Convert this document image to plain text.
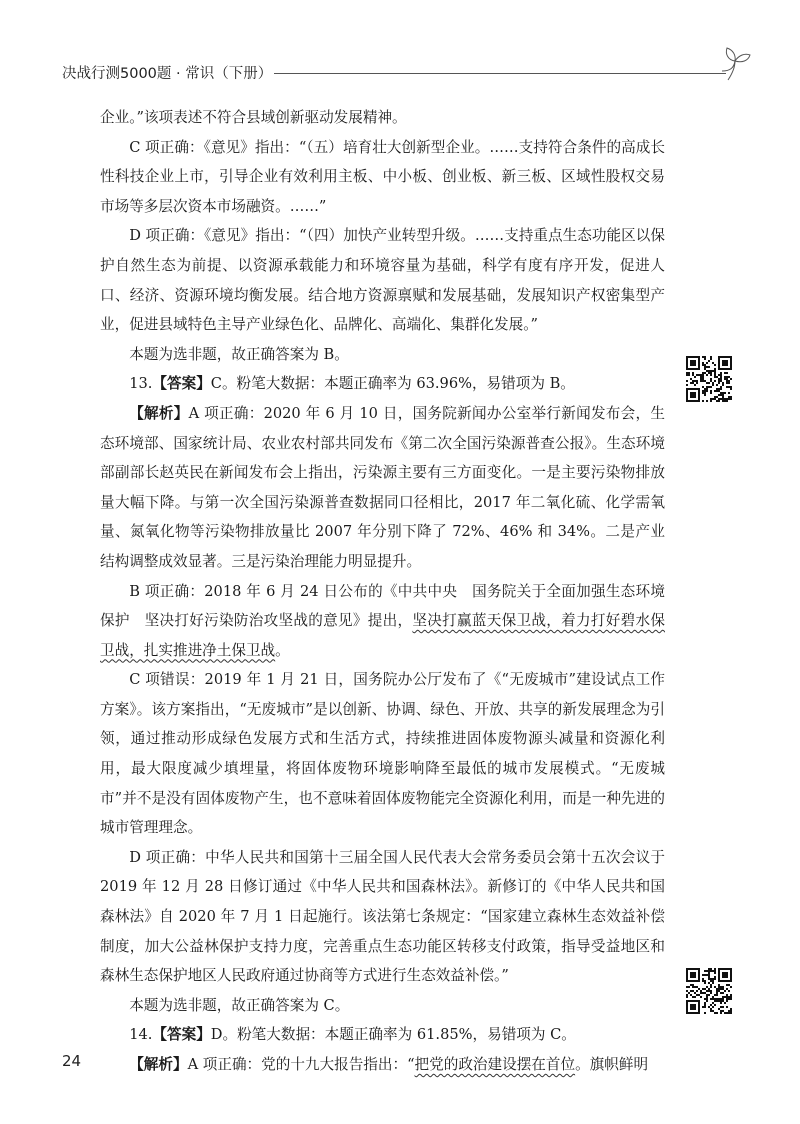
决战行测5000题 · 常识（下册）

企业。”该项表述不符合县域创新驱动发展精神。

C 项正确：《意见》指出：“（五）培育壮大创新型企业。……支持符合条件的高成长性科技企业上市，引导企业有效利用主板、中小板、创业板、新三板、区域性股权交易市场等多层次资本市场融资。……”

D 项正确：《意见》指出：“（四）加快产业转型升级。……支持重点生态功能区以保护自然生态为前提、以资源承载能力和环境容量为基础，科学有度有序开发，促进人口、经济、资源环境均衡发展。结合地方资源禀赋和发展基础，发展知识产权密集型产业，促进县域特色主导产业绿色化、品牌化、高端化、集群化发展。”

本题为选非题，故正确答案为 B。

13.【答案】C。粉笔大数据：本题正确率为 63.96%，易错项为 B。

【解析】A 项正确：2020 年 6 月 10 日，国务院新闻办公室举行新闻发布会，生态环境部、国家统计局、农业农村部共同发布《第二次全国污染源普查公报》。生态环境部副部长赵英民在新闻发布会上指出，污染源主要有三方面变化。一是主要污染物排放量大幅下降。与第一次全国污染源普查数据同口径相比，2017 年二氧化硫、化学需氧量、氮氧化物等污染物排放量比 2007 年分别下降了 72%、46% 和 34%。二是产业结构调整成效显著。三是污染治理能力明显提升。

B 项正确：2018 年 6 月 24 日公布的《中共中央　国务院关于全面加强生态环境保护　坚决打好污染防治攻坚战的意见》提出，坚决打赢蓝天保卫战，着力打好碧水保卫战，扎实推进净土保卫战。

C 项错误：2019 年 1 月 21 日，国务院办公厅发布了《“无废城市”建设试点工作方案》。该方案指出，“无废城市”是以创新、协调、绿色、开放、共享的新发展理念为引领，通过推动形成绿色发展方式和生活方式，持续推进固体废物源头减量和资源化利用，最大限度减少填埋量，将固体废物环境影响降至最低的城市发展模式。“无废城市”并不是没有固体废物产生，也不意味着固体废物能完全资源化利用，而是一种先进的城市管理理念。

D 项正确：中华人民共和国第十三届全国人民代表大会常务委员会第十五次会议于 2019 年 12 月 28 日修订通过《中华人民共和国森林法》。新修订的《中华人民共和国森林法》自 2020 年 7 月 1 日起施行。该法第七条规定：“国家建立森林生态效益补偿制度，加大公益林保护支持力度，完善重点生态功能区转移支付政策，指导受益地区和森林生态保护地区人民政府通过协商等方式进行生态效益补偿。”

本题为选非题，故正确答案为 C。

14.【答案】D。粉笔大数据：本题正确率为 61.85%，易错项为 C。

【解析】A 项正确：党的十九大报告指出：“把党的政治建设摆在首位。旗帜鲜明

24
